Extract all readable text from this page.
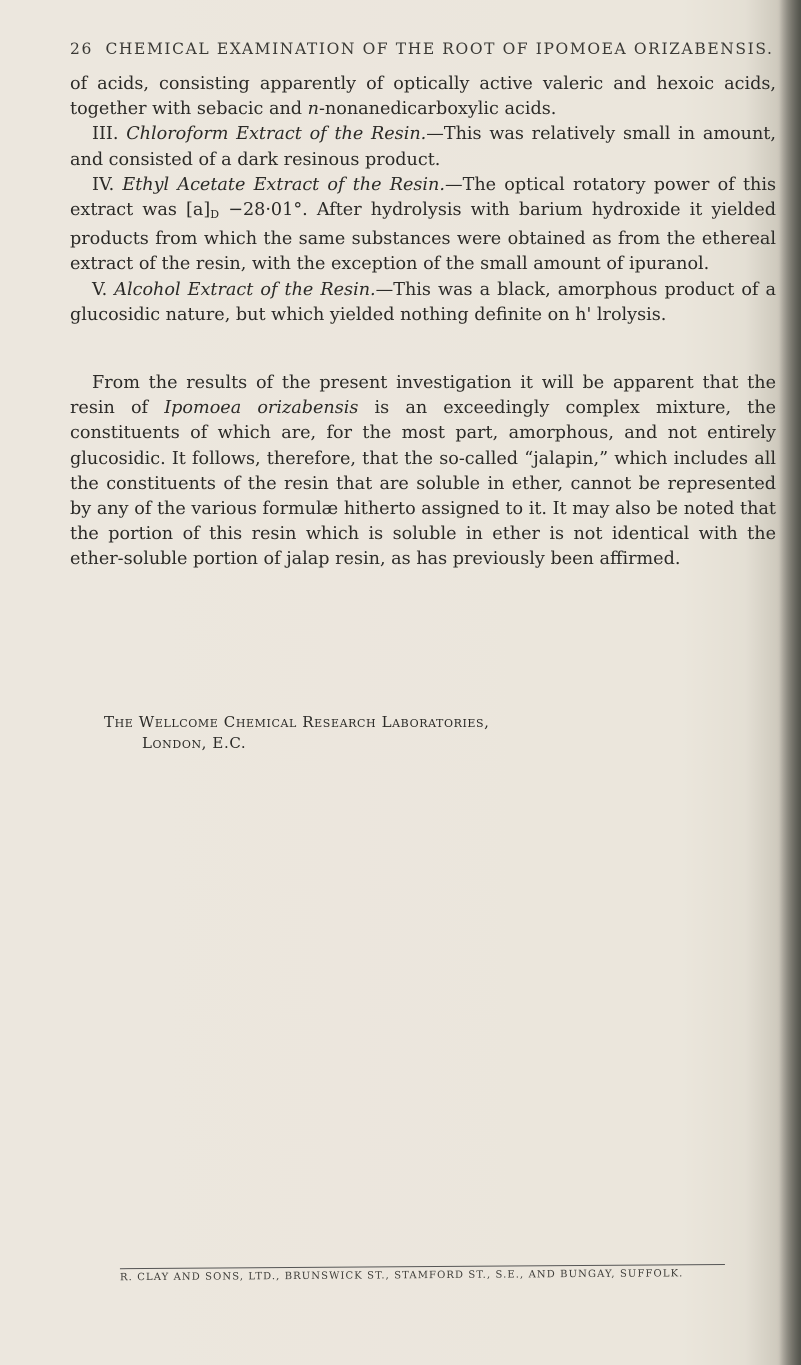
26 CHEMICAL EXAMINATION OF THE ROOT OF IPOMOEA ORIZABENSIS.

of acids, consisting apparently of optically active valeric and hexoic acids, together with sebacic and n-nonanedicarboxylic acids.

III. Chloroform Extract of the Resin.—This was relatively small in amount, and consisted of a dark resinous product.

IV. Ethyl Acetate Extract of the Resin.—The optical rotatory power of this extract was $[a]_D -28\cdot 01^\circ$. After hydrolysis with barium hydroxide it yielded products from which the same substances were obtained as from the ethereal extract of the resin, with the exception of the small amount of ipuranol.

V. Alcohol Extract of the Resin.—This was a black, amorphous product of a glucosidic nature, but which yielded nothing definite on h' lrolysis.

From the results of the present investigation it will be apparent that the resin of Ipomoea orizabensis is an exceedingly complex mixture, the constituents of which are, for the most part, amorphous, and not entirely glucosidic. It follows, therefore, that the so-called “jalapin,” which includes all the constituents of the resin that are soluble in ether, cannot be represented by any of the various formulæ hitherto assigned to it. It may also be noted that the portion of this resin which is soluble in ether is not identical with the ether-soluble portion of jalap resin, as has previously been affirmed.

The Wellcome Chemical Research Laboratories,
London, E.C.
R. CLAY AND SONS, LTD., BRUNSWICK ST., STAMFORD ST., S.E., AND BUNGAY, SUFFOLK.
